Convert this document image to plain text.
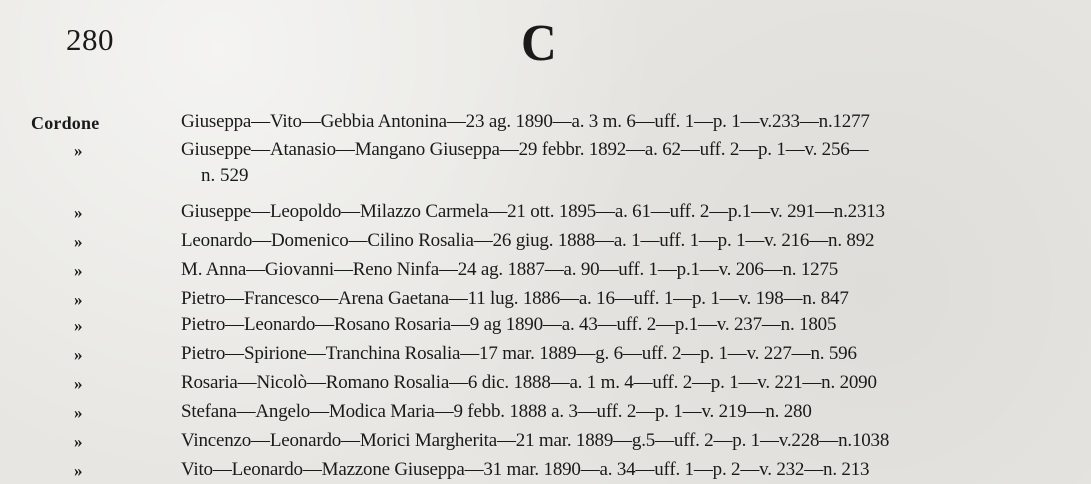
280	C
Cordone	Giuseppa—Vito—Gebbia Antonina—23 ag. 1890—a. 3 m. 6—uff. 1—p. 1—v.233—n.1277
»	Giuseppe—Atanasio—Mangano Giuseppa—29 febbr. 1892—a. 62—uff. 2—p. 1—v. 256—
n. 529
»	Giuseppe—Leopoldo—Milazzo Carmela—21 ott. 1895—a. 61—uff. 2—p.1—v. 291—n.2313
»	Leonardo—Domenico—Cilino Rosalia—26 giug. 1888—a. 1—uff. 1—p. 1—v. 216—n. 892
»	M. Anna—Giovanni—Reno Ninfa—24 ag. 1887—a. 90—uff. 1—p.1—v. 206—n. 1275
»	Pietro—Francesco—Arena Gaetana—11 lug. 1886—a. 16—uff. 1—p. 1—v. 198—n. 847
»	Pietro—Leonardo—Rosano Rosaria—9 ag 1890—a. 43—uff. 2—p.1—v. 237—n. 1805
»	Pietro—Spirione—Tranchina Rosalia—17 mar. 1889—g. 6—uff. 2—p. 1—v. 227—n. 596
»	Rosaria—Nicolò—Romano Rosalia—6 dic. 1888—a. 1 m. 4—uff. 2—p. 1—v. 221—n. 2090
»	Stefana—Angelo—Modica Maria—9 febb. 1888 a. 3—uff. 2—p. 1—v. 219—n. 280
»	Vincenzo—Leonardo—Morici Margherita—21 mar. 1889—g.5—uff. 2—p. 1—v.228—n.1038
»	Vito—Leonardo—Mazzone Giuseppa—31 mar. 1890—a. 34—uff. 1—p. 2—v. 232—n. 213
